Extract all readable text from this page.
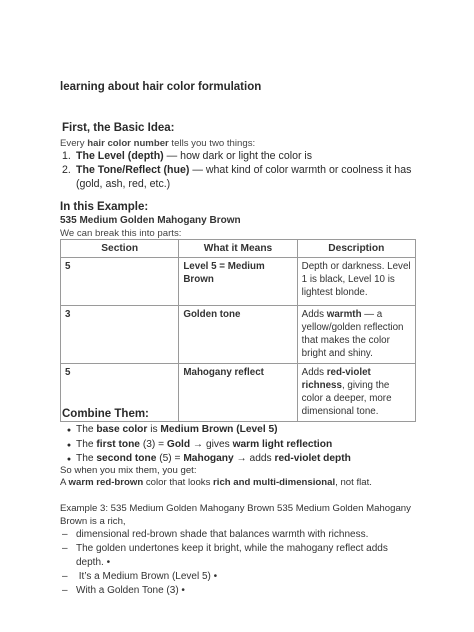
learning about hair color formulation
First, the Basic Idea:
Every hair color number tells you two things:
1. The Level (depth) — how dark or light the color is
2. The Tone/Reflect (hue) — what kind of color warmth or coolness it has
(gold, ash, red, etc.)
In this Example:
535 Medium Golden Mahogany Brown
We can break this into parts:
Section	What it Means	Description
5	Level 5 = Medium Brown	Depth or darkness. Level 1 is black, Level 10 is lightest blonde.
3	Golden tone	Adds warmth — a yellow/golden reflection that makes the color bright and shiny.
5	Mahogany reflect	Adds red-violet richness, giving the color a deeper, more dimensional tone.
Combine Them:
● The base color is Medium Brown (Level 5)
● The first tone (3) = Gold → gives warm light reflection
● The second tone (5) = Mahogany → adds red-violet depth
So when you mix them, you get:
A warm red-brown color that looks rich and multi-dimensional, not flat.
Example 3: 535 Medium Golden Mahogany Brown 535 Medium Golden Mahogany
Brown is a rich,
– dimensional red-brown shade that balances warmth with richness.
– The golden undertones keep it bright, while the mahogany reflect adds
depth. •
– It’s a Medium Brown (Level 5) •
– With a Golden Tone (3) •
